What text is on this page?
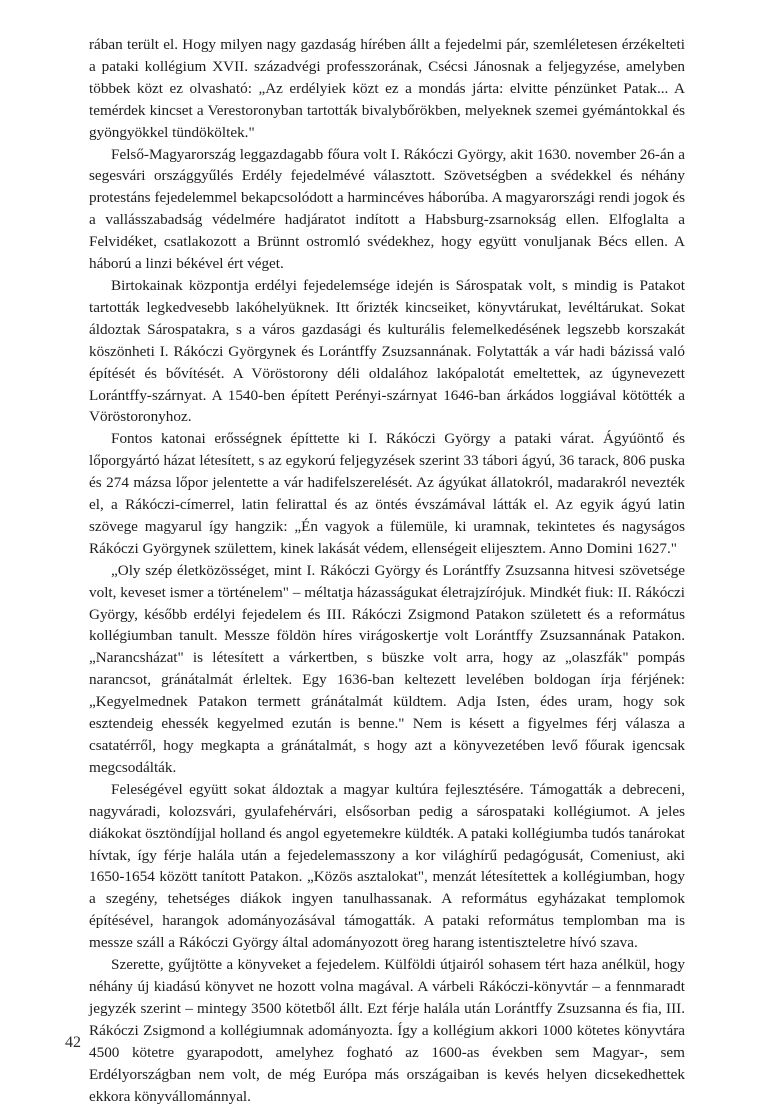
rában terült el. Hogy milyen nagy gazdaság hírében állt a fejedelmi pár, szemléletesen érzékelteti a pataki kollégium XVII. századvégi professzorának, Csécsi Jánosnak a feljegyzése, amelyben többek közt ez olvasható: „Az erdélyiek közt ez a mondás járta: elvitte pénzünket Patak... A temérdek kincset a Verestoronyban tartották bivalybőrökben, melyeknek szemei gyémántokkal és gyöngyökkel tündököltek."

Felső-Magyarország leggazdagabb főura volt I. Rákóczi György, akit 1630. november 26-án a segesvári országgyűlés Erdély fejedelmévé választott. Szövetségben a svédekkel és néhány protestáns fejedelemmel bekapcsolódott a harmincéves háborúba. A magyarországi rendi jogok és a vallásszabadság védelmére hadjáratot indított a Habsburg-zsarnokság ellen. Elfoglalta a Felvidéket, csatlakozott a Brünnt ostromló svédekhez, hogy együtt vonuljanak Bécs ellen. A háború a linzi békével ért véget.

Birtokainak központja erdélyi fejedelemsége idején is Sárospatak volt, s mindig is Patakot tartották legkedvesebb lakóhelyüknek. Itt őrizték kincseiket, könyvtárukat, levéltárukat. Sokat áldoztak Sárospatakra, s a város gazdasági és kulturális felemelkedésének legszebb korszakát köszönheti I. Rákóczi Györgynek és Lorántffy Zsuzsannának. Folytatták a vár hadi bázissá való építését és bővítését. A Vöröstorony déli oldalához lakópalotát emeltettek, az úgynevezett Lorántffy-szárnyat. A 1540-ben épített Perényi-szárnyat 1646-ban árkádos loggiával kötötték a Vöröstoronyhoz.

Fontos katonai erősségnek építtette ki I. Rákóczi György a pataki várat. Ágyúöntő és lőporgyártó házat létesített, s az egykorú feljegyzések szerint 33 tábori ágyú, 36 tarack, 806 puska és 274 mázsa lőpor jelentette a vár hadifelszerelését. Az ágyúkat állatokról, madarakról nevezték el, a Rákóczi-címerrel, latin felirattal és az öntés évszámával látták el. Az egyik ágyú latin szövege magyarul így hangzik: „Én vagyok a fülemüle, ki uramnak, tekintetes és nagyságos Rákóczi Györgynek születtem, kinek lakását védem, ellenségeit elijesztem. Anno Domini 1627."

„Oly szép életközösséget, mint I. Rákóczi György és Lorántffy Zsuzsanna hitvesi szövetsége volt, keveset ismer a történelem" – méltatja házasságukat életrajzírójuk. Mindkét fiuk: II. Rákóczi György, később erdélyi fejedelem és III. Rákóczi Zsigmond Patakon született és a református kollégiumban tanult. Messze földön híres virágoskertje volt Lorántffy Zsuzsannának Patakon. „Narancsházat" is létesített a várkertben, s büszke volt arra, hogy az „olaszfák" pompás narancsot, gránátalmát érleltek. Egy 1636-ban keltezett levelében boldogan írja férjének: „Kegyelmednek Patakon termett gránátalmát küldtem. Adja Isten, édes uram, hogy sok esztendeig ehessék kegyelmed ezután is benne." Nem is késett a figyelmes férj válasza a csatatérről, hogy megkapta a gránátalmát, s hogy azt a könyvezetében levő főurak igencsak megcsodálták.

Feleségével együtt sokat áldoztak a magyar kultúra fejlesztésére. Támogatták a debreceni, nagyváradi, kolozsvári, gyulafehérvári, elsősorban pedig a sárospataki kollégiumot. A jeles diákokat ösztöndíjjal holland és angol egyetemekre küldték. A pataki kollégiumba tudós tanárokat hívtak, így férje halála után a fejedelemasszony a kor világhírű pedagógusát, Comeniust, aki 1650-1654 között tanított Patakon. „Közös asztalokat", menzát létesítettek a kollégiumban, hogy a szegény, tehetséges diákok ingyen tanulhassanak. A református egyházakat templomok építésével, harangok adományozásával támogatták. A pataki református templomban ma is messze száll a Rákóczi György által adományozott öreg harang istentiszteletre hívó szava.

Szerette, gyűjtötte a könyveket a fejedelem. Külföldi útjairól sohasem tért haza anélkül, hogy néhány új kiadású könyvet ne hozott volna magával. A várbeli Rákóczi-könyvtár – a fennmaradt jegyzék szerint – mintegy 3500 kötetből állt. Ezt férje halála után Lorántffy Zsuzsanna és fia, III. Rákóczi Zsigmond a kollégiumnak adományozta. Így a kollégium akkori 1000 kötetes könyvtára 4500 kötetre gyarapodott, amelyhez fogható az 1600-as években sem Magyar-, sem Erdélyországban nem volt, de még Európa más országaiban is kevés helyen dicsekedhettek ekkora könyvállománnyal.

42
